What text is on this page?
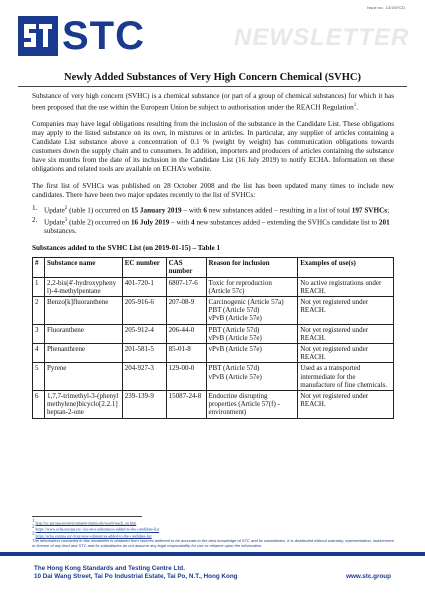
Issue no.: 13/19/TCD
STC	NEWSLETTER
Newly Added Substances of Very High Concern Chemical (SVHC)

Substance of very high concern (SVHC) is a chemical substance (or part of a group of chemical substances) for which it has been proposed that the use within the European Union be subject to authorisation under the REACH Regulation$^1$.

Companies may have legal obligations resulting from the inclusion of the substance in the Candidate List. These obligations may apply to the listed substance on its own, in mixtures or in articles. In particular, any supplier of articles containing a Candidate List substance above a concentration of 0.1 % (weight by weight) has communication obligations towards customers down the supply chain and to consumers. In addition, importers and producers of articles containing the substance have six months from the date of its inclusion in the Candidate List (16 July 2019) to notify ECHA. Information on these obligations and related tools are available on ECHA’s website.

The first list of SVHCs was published on 28 October 2008 and the list has been updated many times to include new candidates. There have been two major updates recently to the list of SVHCs:

1. Update$^2$ (table 1) occurred on 15 January 2019 – with 6 new substances added – resulting in a list of total 197 SVHCs;
2. Update$^3$ (table 2) occurred on 16 July 2019 – with 4 new substances added – extending the SVHCs candidate list to 201 substances.
Substances added to the SVHC List (on 2019-01-15) – Table 1
#	Substance name	EC number	CAS number	Reason for inclusion	Examples of use(s)
1	2,2-bis(4'-hydroxyphenyl)-4-methylpentane	401-720-1	6807-17-6	Toxic for reproduction (Article 57c)	No active registrations under REACH.
2	Benzo[k]fluoranthene	205-916-6	207-08-9	Carcinogenic (Article 57a)
PBT (Article 57d)
vPvB (Article 57e)	Not yet registered under REACH.
3	Fluoranthene	205-912-4	206-44-0	PBT (Article 57d)
vPvB (Article 57e)	Not yet registered under REACH.
4	Phenanthrene	201-581-5	85-01-8	vPvB (Article 57e)	Not yet registered under REACH.
5	Pyrene	204-927-3	129-00-0	PBT (Article 57d)
vPvB (Article 57e)	Used as a transported intermediate for the manufacture of fine chemicals.
6	1,7,7-trimethyl-3-(phenylmethylene)bicyclo[2.2.1]heptan-2-one	239-139-9	15087-24-8	Endocrine disrupting properties (Article 57(f) - environment)	Not yet registered under REACH.
$^1$ http://ec.europa.eu/environment/chemicals/reach/reach_en.htm
$^2$ https://www.echa.europa.eu/-/six-new-substances-added-to-the-candidate-list
$^3$ https://echa.europa.eu/-/four-new-substances-added-to-the-candidate-list
The information contained in this newsletter is obtained from sources believed to be accurate to the best knowledge of STC and its subsidiaries. It is distributed without warranty, representation, inducement or license of any kind and STC and its subsidiaries do not assume any legal responsibility for use or reliance upon the information.
The Hong Kong Standards and Testing Centre Ltd.
10 Dai Wang Street, Tai Po Industrial Estate, Tai Po, N.T., Hong Kong	www.stc.group
